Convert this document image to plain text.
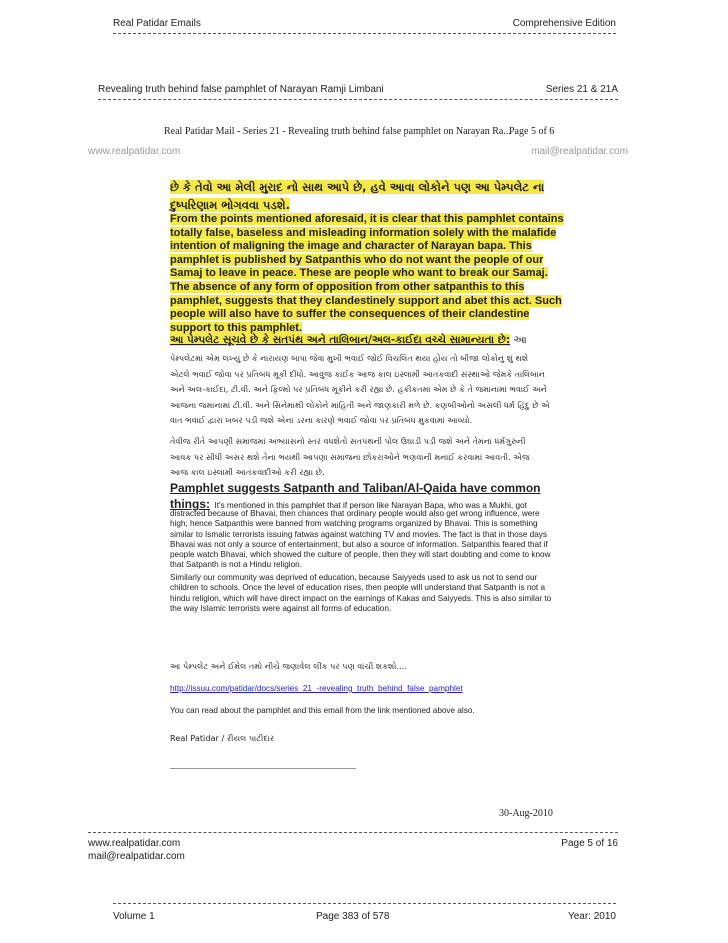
Real Patidar Emails	Comprehensive Edition
Revealing truth behind false pamphlet of Narayan Ramji Limbani	Series 21 & 21A
Real Patidar Mail - Series 21 - Revealing truth behind false pamphlet on Narayan Ra...
Page 5 of 6
www.realpatidar.com	mail@realpatidar.com
છે કે તેવો આ મેલી મુરાદ નો સાથ આપે છે, હવે આવા લોકોને પણ આ પેમ્પલેટ ના
દુષ્પરિણામ ભોગવવા પડશે.
From the points mentioned aforesaid, it is clear that this pamphlet contains
totally false, baseless and misleading information solely with the malafide
intention of maligning the image and character of Narayan bapa. This
pamphlet is published by Satpanthis who do not want the people of our
Samaj to leave in peace. These are people who want to break our Samaj.
The absence of any form of opposition from other satpanthis to this
pamphlet, suggests that they clandestinely support and abet this act. Such
people will also have to suffer the consequences of their clandestine
support to this pamphlet.
આ પેમ્પલેટ સૂચવે છે કે સતપંથ અને તાલિબાન/અલ-કાઈદા વચ્ચે સામાન્યતા છે: આ
પેમ્પલેટમાં એમ લખ્યું છે કે નારાયણ બાપા જેવા મુખી ભવાઈ જોઈ વિચલિત થયા હોય તો બીજા લોકોનું શું થશે
એટલે ભવાઈ જોવા પર પ્રતિબંધ મૂકી દીધો. આવુંજ કાંઈક આજ કાલ ઇસ્લામી આતંકવાદી સંસ્થાઓ જેમકે તાલિબાન
અને અલ-કાઈદા, ટી.વી. અને ફિલ્મો પર પ્રતિબંધ મૂકીને કરી રહ્યા છે. હકીકતમાં એમ છે કે તે જમાનામાં ભવાઈ અને
આજના જમાનામાં ટી.વી. અને સિનેમાથી લોકોને માહિતી અને જાણકારી મળે છે. કણબીઓનો અસલી ધર્મ હિંદુ છે એ
વાત ભવાઈ દ્વારા ખબર પડી જશે એના ડરના કારણે ભવાઈ જોવા પર પ્રતિબંધ મુકવામાં આવ્યો.
તેવીજ રીતે આપણી સમાજમાં અભ્યાસનો સ્તર વધશેતો સતપંથની પોલ ઉઘાડી પડી જશે અને તેમના ધર્મગુરુની
આવક પર સીધી અસર થશે તેના ભયથી આપણા સમાજના છોકરાઓને ભણવાની મનાઈ કરવામાં આવતી. એજ઼
આજ કાલ ઇસ્લામી આતંકવાદીઓ કરી રહ્યા છે.
Pamphlet suggests Satpanth and Taliban/Al-Qaida have common
things: It's mentioned in this pamphlet that if person like Narayan Bapa, who was a Mukhi, got
distracted because of Bhavai, then chances that ordinary people would also get wrong influence, were
high; hence Satpanthis were banned from watching programs organized by Bhavai. This is something
similar to Ismalic terrorists issuing fatwas against watching TV and movies. The fact is that in those days
Bhavai was not only a source of entertainment, but also a source of information. Satpanthis feared that if
people watch Bhavai, which showed the culture of people, then they will start doubting and come to know
that Satpanth is not a Hindu religion.
Similarly our community was deprived of education, because Saiyyeds used to ask us not to send our
children to schools. Once the level of education rises, then people will understand that Satpanth is not a
hindu religion, which will have direct impact on the earnings of Kakas and Saiyyeds. This is also similar to
the way Islamic terrorists were against all forms of education.
આ પેમ્પલેટ અને ઈમેલ તમો નીચે જણાવેલ લીંક પર પણ વાંચી શકશો....
http://issuu.com/patidar/docs/series_21_-revealing_truth_behind_false_pamphlet
You can read about the pamphlet and this email from the link mentioned above also.
Real Patidar / રીયલ પાટીદાર
30-Aug-2010
www.realpatidar.com
mail@realpatidar.com
Page 5 of 16
Volume 1	Page 383 of 578	Year: 2010
